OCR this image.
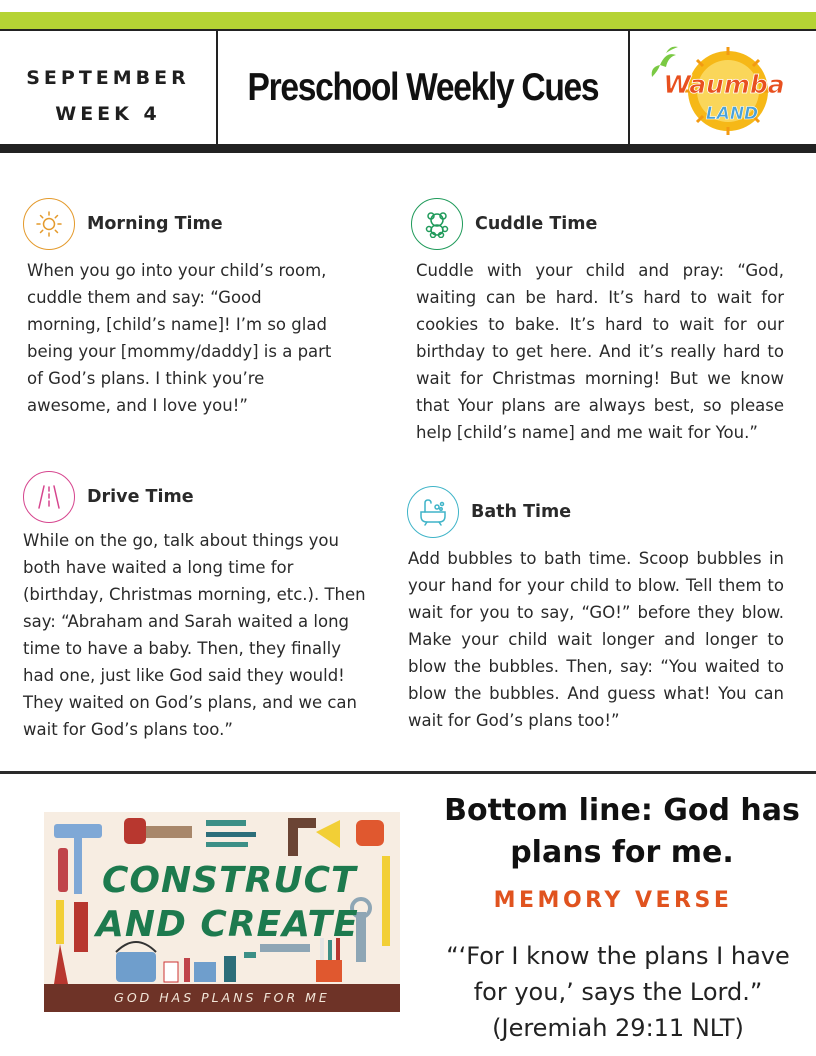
SEPTEMBER
WEEK 4
Preschool Weekly Cues	Waumba
LAND
Morning Time
When you go into your child’s room,
cuddle them and say: “Good
morning, [child’s name]! I’m so glad
being your [mommy/daddy] is a part
of God’s plans. I think you’re
awesome, and I love you!”
Cuddle Time
Cuddle with your child and pray: “God, waiting can be hard. It’s hard to wait for cookies to bake. It’s hard to wait for our birthday to get here. And it’s really hard to wait for Christmas morning! But we know that Your plans are always best, so please help [child’s name] and me wait for You.”
Drive Time
While on the go, talk about things you
both have waited a long time for
(birthday, Christmas morning, etc.). Then
say: “Abraham and Sarah waited a long
time to have a baby. Then, they finally
had one, just like God said they would!
They waited on God’s plans, and we can
wait for God’s plans too.”
Bath Time
Add bubbles to bath time. Scoop bubbles in your hand for your child to blow. Tell them to wait for you to say, “GO!” before they blow. Make your child wait longer and longer to blow the bubbles. Then, say: “You waited to blow the bubbles. And guess what! You can wait for God’s plans too!”
CONSTRUCT
AND CREATE
GOD HAS PLANS FOR ME
Bottom line: God has plans for me.
MEMORY VERSE
“‘For I know the plans I have for you,’ says the Lord.” (Jeremiah 29:11 NLT)
